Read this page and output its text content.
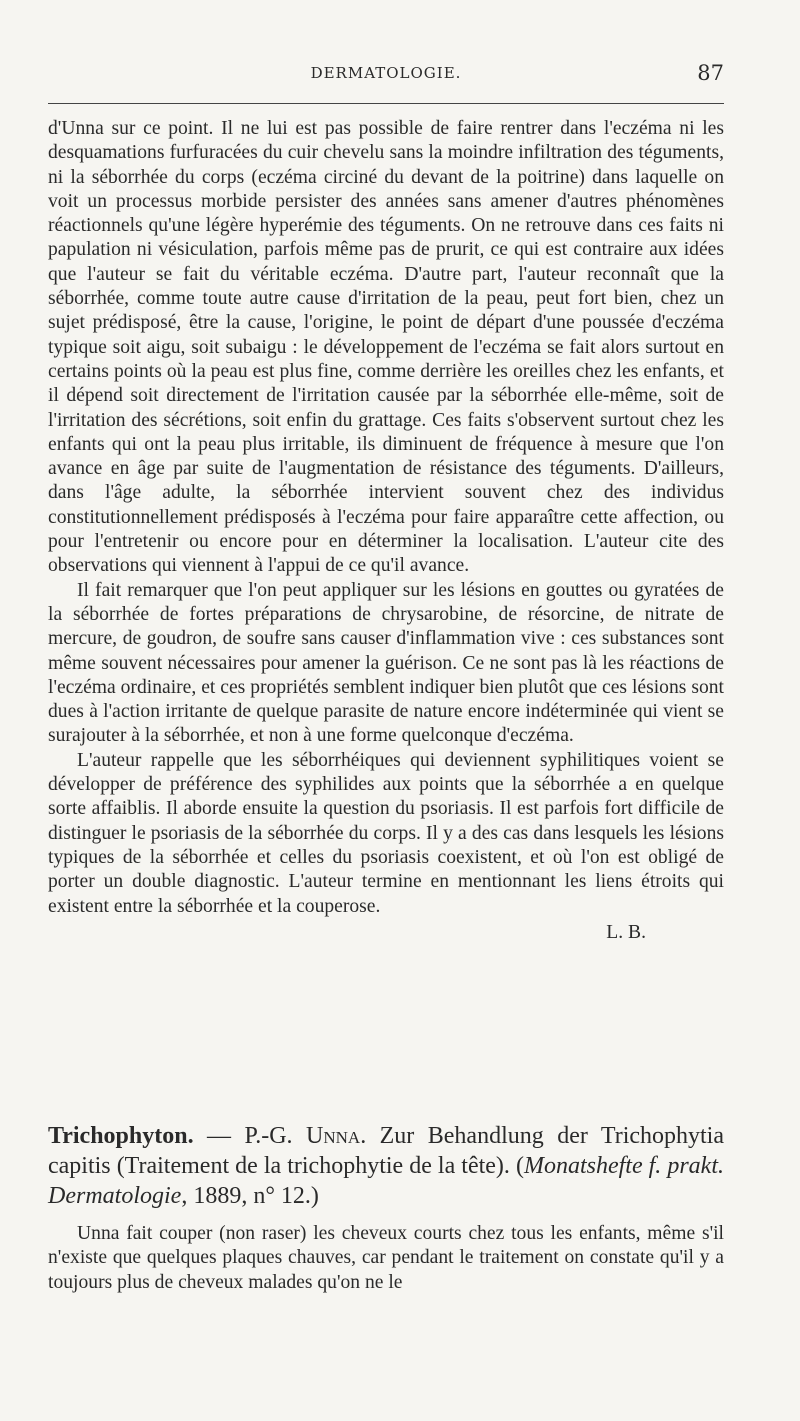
DERMATOLOGIE.	87

d'Unna sur ce point. Il ne lui est pas possible de faire rentrer dans l'eczéma ni les desquamations furfuracées du cuir chevelu sans la moindre infiltration des téguments, ni la séborrhée du corps (eczéma circiné du devant de la poitrine) dans laquelle on voit un processus morbide persister des années sans amener d'autres phénomènes réactionnels qu'une légère hyperémie des téguments. On ne retrouve dans ces faits ni papulation ni vésiculation, parfois même pas de prurit, ce qui est contraire aux idées que l'auteur se fait du véritable eczéma. D'autre part, l'auteur reconnaît que la séborrhée, comme toute autre cause d'irritation de la peau, peut fort bien, chez un sujet prédisposé, être la cause, l'origine, le point de départ d'une poussée d'eczéma typique soit aigu, soit subaigu : le développement de l'eczéma se fait alors surtout en certains points où la peau est plus fine, comme derrière les oreilles chez les enfants, et il dépend soit directement de l'irritation causée par la séborrhée elle-même, soit de l'irritation des sécrétions, soit enfin du grattage. Ces faits s'observent surtout chez les enfants qui ont la peau plus irritable, ils diminuent de fréquence à mesure que l'on avance en âge par suite de l'augmentation de résistance des téguments. D'ailleurs, dans l'âge adulte, la séborrhée intervient souvent chez des individus constitutionnellement prédisposés à l'eczéma pour faire apparaître cette affection, ou pour l'entretenir ou encore pour en déterminer la localisation. L'auteur cite des observations qui viennent à l'appui de ce qu'il avance.

Il fait remarquer que l'on peut appliquer sur les lésions en gouttes ou gyratées de la séborrhée de fortes préparations de chrysarobine, de résorcine, de nitrate de mercure, de goudron, de soufre sans causer d'inflammation vive : ces substances sont même souvent nécessaires pour amener la guérison. Ce ne sont pas là les réactions de l'eczéma ordinaire, et ces propriétés semblent indiquer bien plutôt que ces lésions sont dues à l'action irritante de quelque parasite de nature encore indéterminée qui vient se surajouter à la séborrhée, et non à une forme quelconque d'eczéma.

L'auteur rappelle que les séborrhéiques qui deviennent syphilitiques voient se développer de préférence des syphilides aux points que la séborrhée a en quelque sorte affaiblis. Il aborde ensuite la question du psoriasis. Il est parfois fort difficile de distinguer le psoriasis de la séborrhée du corps. Il y a des cas dans lesquels les lésions typiques de la séborrhée et celles du psoriasis coexistent, et où l'on est obligé de porter un double diagnostic. L'auteur termine en mentionnant les liens étroits qui existent entre la séborrhée et la couperose.

L. B.
Trichophyton. — P.-G. Unna. Zur Behandlung der Trichophytia capitis (Traitement de la trichophytie de la tête). (Monatshefte f. prakt. Dermatologie, 1889, n° 12.)

Unna fait couper (non raser) les cheveux courts chez tous les enfants, même s'il n'existe que quelques plaques chauves, car pendant le traitement on constate qu'il y a toujours plus de cheveux malades qu'on ne le
